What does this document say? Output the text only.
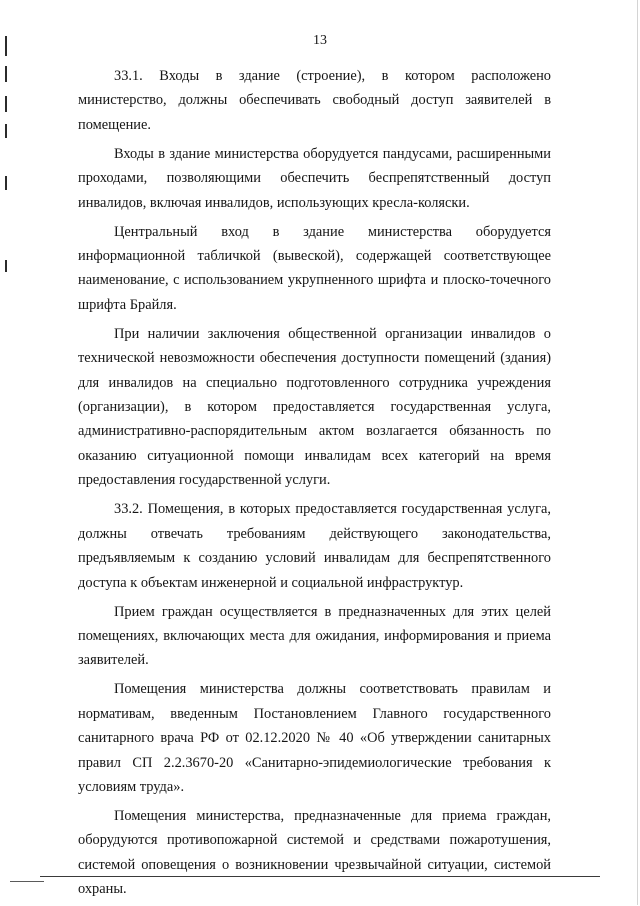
13

33.1. Входы в здание (строение), в котором расположено министерство, должны обеспечивать свободный доступ заявителей в помещение.

Входы в здание министерства оборудуется пандусами, расширенными проходами, позволяющими обеспечить беспрепятственный доступ инвалидов, включая инвалидов, использующих кресла-коляски.

Центральный вход в здание министерства оборудуется информационной табличкой (вывеской), содержащей соответствующее наименование, с использованием укрупненного шрифта и плоско-точечного шрифта Брайля.

При наличии заключения общественной организации инвалидов о технической невозможности обеспечения доступности помещений (здания) для инвалидов на специально подготовленного сотрудника учреждения (организации), в котором предоставляется государственная услуга, административно-распорядительным актом возлагается обязанность по оказанию ситуационной помощи инвалидам всех категорий на время предоставления государственной услуги.

33.2. Помещения, в которых предоставляется государственная услуга, должны отвечать требованиям действующего законодательства, предъявляемым к созданию условий инвалидам для беспрепятственного доступа к объектам инженерной и социальной инфраструктур.

Прием граждан осуществляется в предназначенных для этих целей помещениях, включающих места для ожидания, информирования и приема заявителей.

Помещения министерства должны соответствовать правилам и нормативам, введенным Постановлением Главного государственного санитарного врача РФ от 02.12.2020 № 40 «Об утверждении санитарных правил СП 2.2.3670-20 «Санитарно-эпидемиологические требования к условиям труда».

Помещения министерства, предназначенные для приема граждан, оборудуются противопожарной системой и средствами пожаротушения, системой оповещения о возникновении чрезвычайной ситуации, системой охраны.
